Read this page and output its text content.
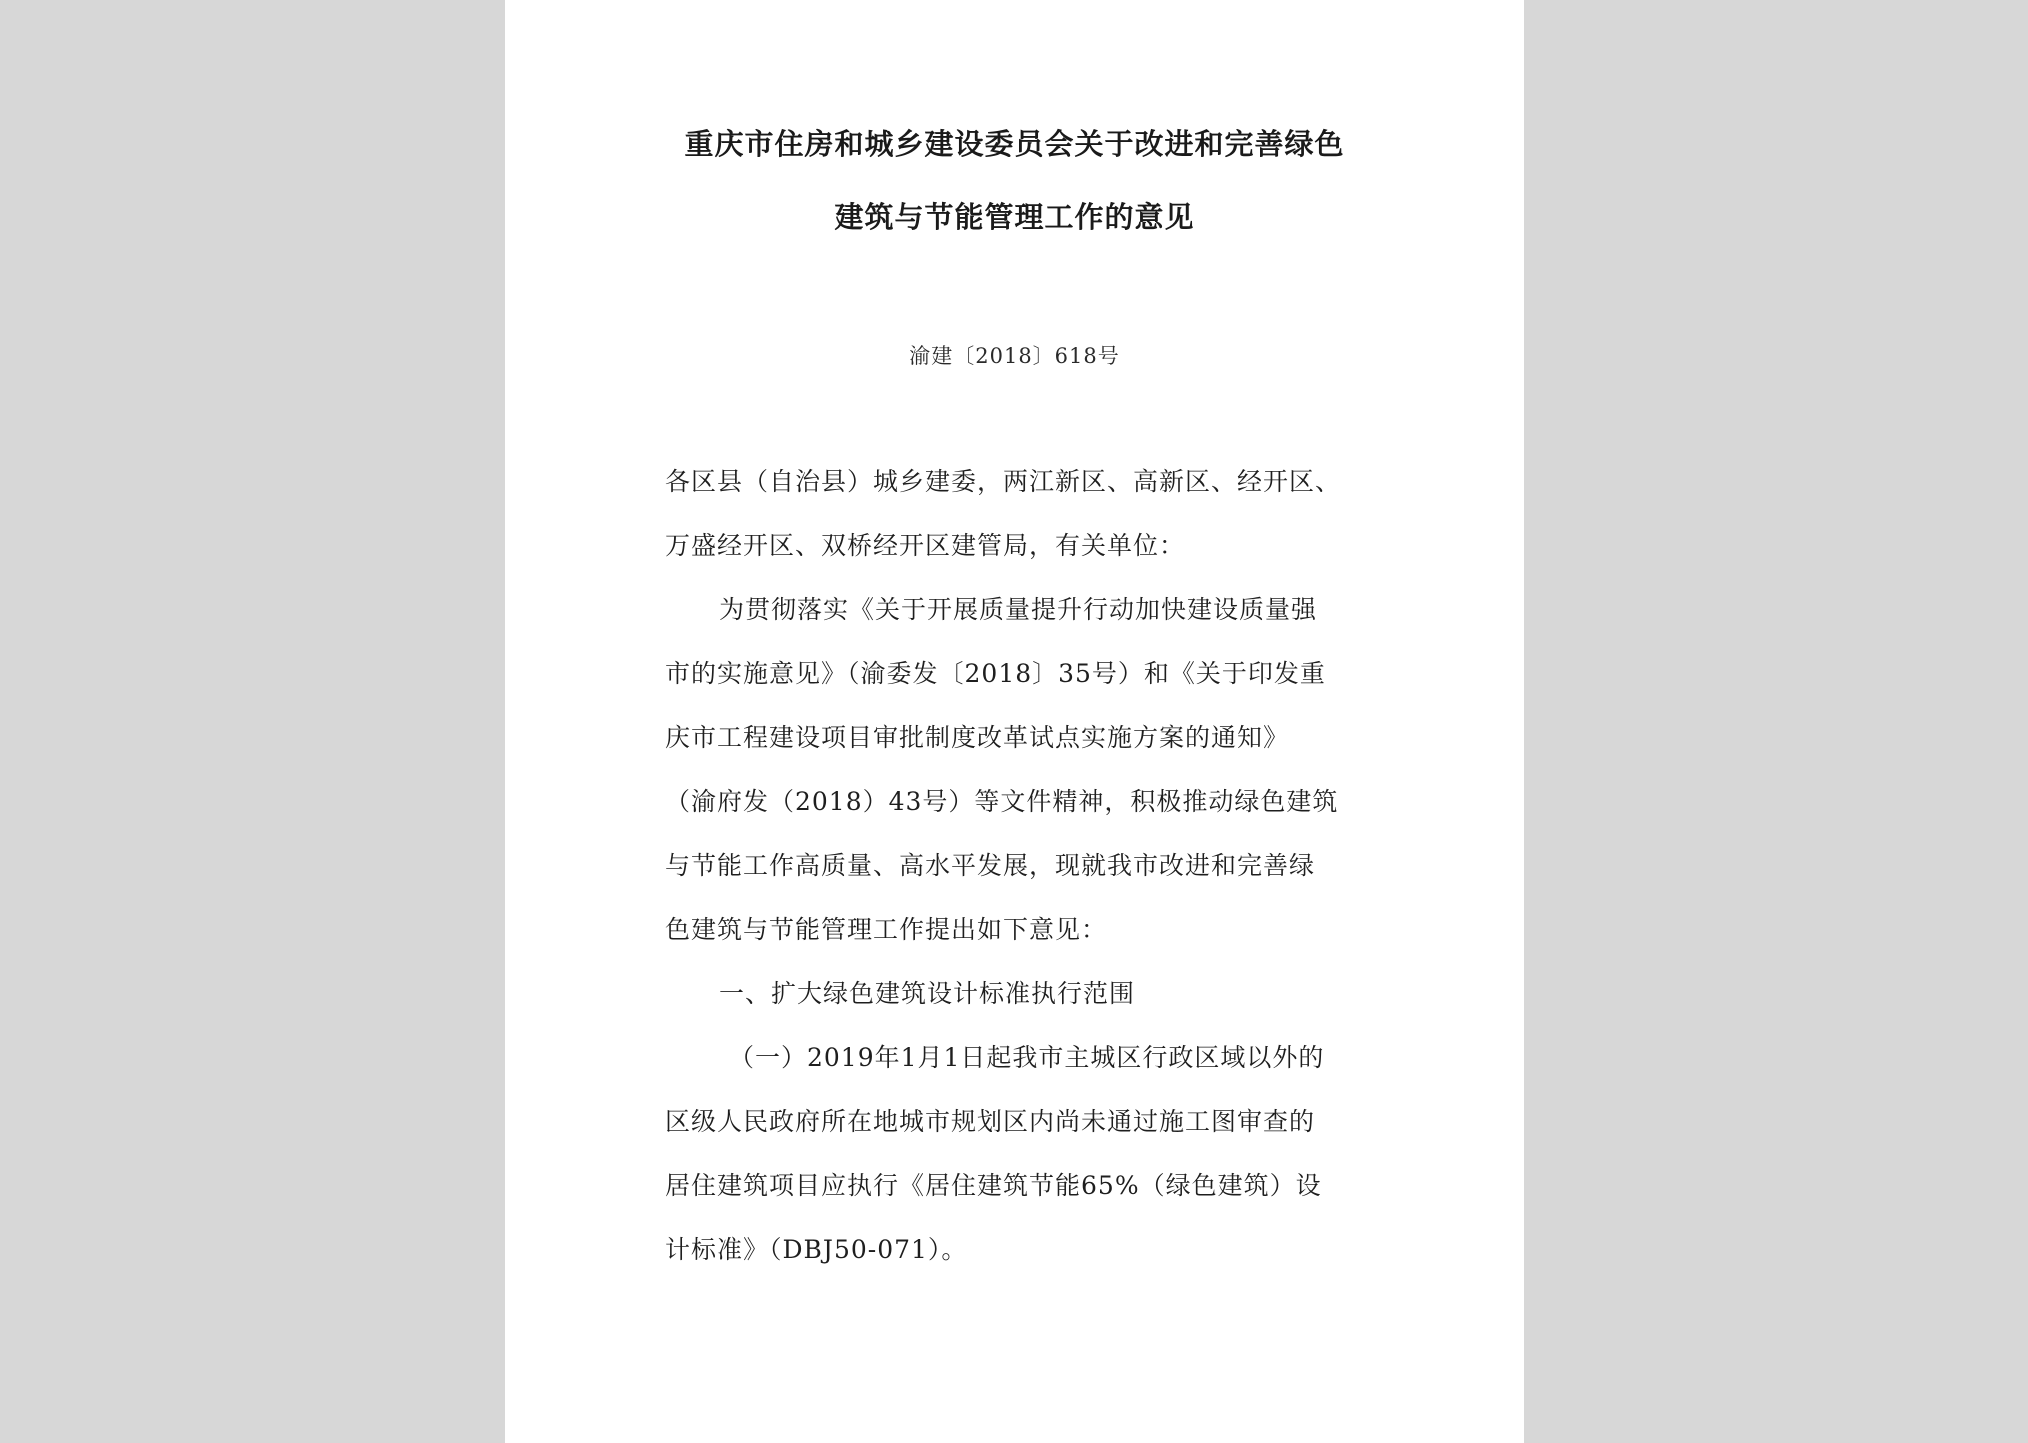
重庆市住房和城乡建设委员会关于改进和完善绿色
建筑与节能管理工作的意见
渝建〔2018〕618号
各区县（自治县）城乡建委，两江新区、高新区、经开区、
万盛经开区、双桥经开区建管局，有关单位：
为贯彻落实《关于开展质量提升行动加快建设质量强
市的实施意见》（渝委发〔2018〕35号）和《关于印发重
庆市工程建设项目审批制度改革试点实施方案的通知》
（渝府发（2018）43号）等文件精神，积极推动绿色建筑
与节能工作高质量、高水平发展，现就我市改进和完善绿
色建筑与节能管理工作提出如下意见：
一、扩大绿色建筑设计标准执行范围
（一）2019年1月1日起我市主城区行政区域以外的
区级人民政府所在地城市规划区内尚未通过施工图审查的
居住建筑项目应执行《居住建筑节能65%（绿色建筑）设
计标准》（DBJ50-071）。
